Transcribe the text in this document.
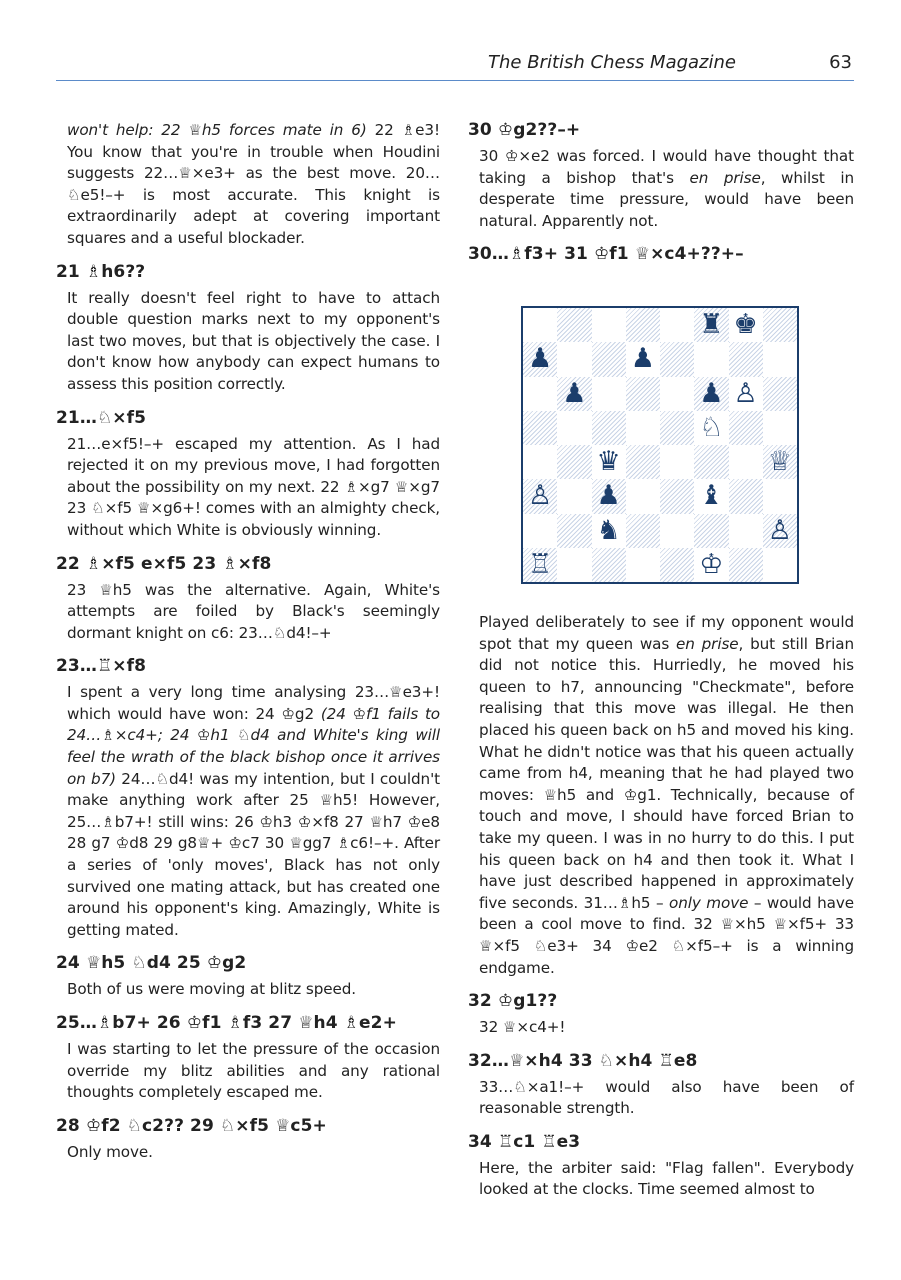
The British Chess Magazine	63
won't help: 22 ♕h5 forces mate in 6) 22 ♗e3! You know that you're in trouble when Houdini suggests 22…♕×e3+ as the best move. 20…♘e5!–+ is most accurate. This knight is extraordinarily adept at covering important squares and a useful blockader.
21 ♗h6??
It really doesn't feel right to have to attach double question marks next to my opponent's last two moves, but that is objectively the case. I don't know how anybody can expect humans to assess this position correctly.
21…♘×f5
21…e×f5!–+ escaped my attention. As I had rejected it on my previous move, I had forgotten about the possibility on my next. 22 ♗×g7 ♕×g7 23 ♘×f5 ♕×g6+! comes with an almighty check, without which White is obviously winning.
22 ♗×f5 e×f5 23 ♗×f8
23 ♕h5 was the alternative. Again, White's attempts are foiled by Black's seemingly dormant knight on c6: 23…♘d4!–+
23…♖×f8
I spent a very long time analysing 23…♕e3+! which would have won: 24 ♔g2 (24 ♔f1 fails to 24…♗×c4+; 24 ♔h1 ♘d4 and White's king will feel the wrath of the black bishop once it arrives on b7) 24…♘d4! was my intention, but I couldn't make anything work after 25 ♕h5! However, 25…♗b7+! still wins: 26 ♔h3 ♔×f8 27 ♕h7 ♔e8 28 g7 ♔d8 29 g8♕+ ♔c7 30 ♕gg7 ♗c6!–+. After a series of 'only moves', Black has not only survived one mating attack, but has created one around his opponent's king. Amazingly, White is getting mated.
24 ♕h5 ♘d4 25 ♔g2
Both of us were moving at blitz speed.
25…♗b7+ 26 ♔f1 ♗f3 27 ♕h4 ♗e2+
I was starting to let the pressure of the occasion override my blitz abilities and any rational thoughts completely escaped me.
28 ♔f2 ♘c2?? 29 ♘×f5 ♕c5+
Only move.
30 ♔g2??–+
30 ♔×e2 was forced. I would have thought that taking a bishop that's en prise, whilst in desperate time pressure, would have been natural. Apparently not.
30…♗f3+ 31 ♔f1 ♕×c4+??+–
♜ ♚
♟	♟
♟	♟ ♙
♘
♛	♕
♙ ♟	♝
♞	♙
♖	♔
Played deliberately to see if my opponent would spot that my queen was en prise, but still Brian did not notice this. Hurriedly, he moved his queen to h7, announcing "Checkmate", before realising that this move was illegal. He then placed his queen back on h5 and moved his king. What he didn't notice was that his queen actually came from h4, meaning that he had played two moves: ♕h5 and ♔g1. Technically, because of touch and move, I should have forced Brian to take my queen. I was in no hurry to do this. I put his queen back on h4 and then took it. What I have just described happened in approximately five seconds. 31…♗h5 – only move – would have been a cool move to find. 32 ♕×h5 ♕×f5+ 33 ♕×f5 ♘e3+ 34 ♔e2 ♘×f5–+ is a winning endgame.
32 ♔g1??
32 ♕×c4+!
32…♕×h4 33 ♘×h4 ♖e8
33…♘×a1!–+ would also have been of reasonable strength.
34 ♖c1 ♖e3
Here, the arbiter said: "Flag fallen". Everybody looked at the clocks. Time seemed almost to
